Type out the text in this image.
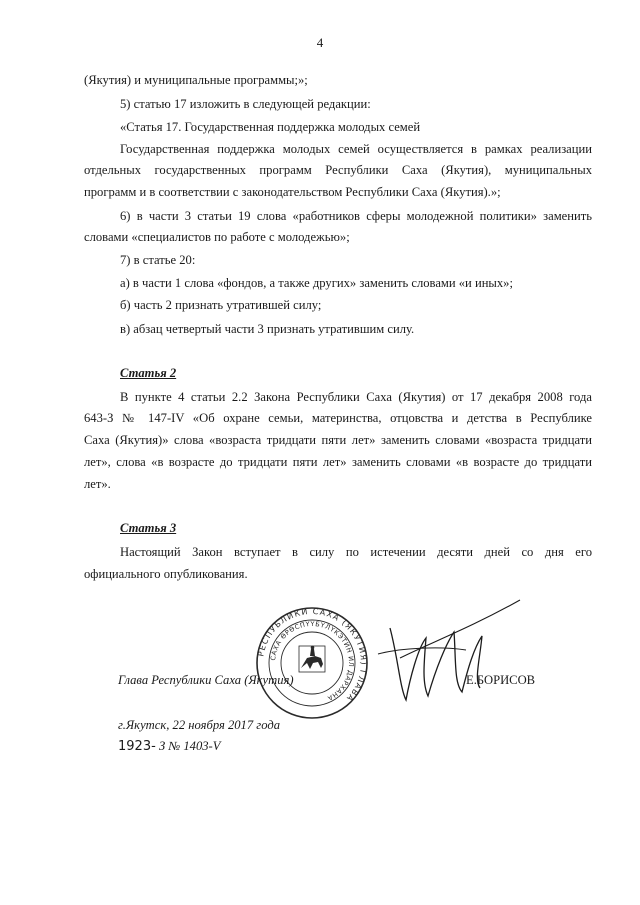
4
(Якутия) и муниципальные программы;»;
5) статью 17 изложить в следующей редакции:
«Статья 17. Государственная поддержка молодых семей
Государственная поддержка молодых семей осуществляется в рамках реализации
отдельных государственных программ Республики Саха (Якутия), муниципальных
программ и в соответствии с законодательством Республики Саха (Якутия).»;
6) в части 3 статьи 19 слова «работников сферы молодежной политики» заменить
словами «специалистов по работе с молодежью»;
7) в статье 20:
а) в части 1 слова «фондов, а также других» заменить словами «и иных»;
б) часть 2 признать утратившей силу;
в) абзац четвертый части 3 признать утратившим силу.
Статья 2
В пункте 4 статьи 2.2 Закона Республики Саха (Якутия) от 17 декабря 2008 года
643-З № 147-IV «Об охране семьи, материнства, отцовства и детства в Республике
Саха (Якутия)» слова «возраста тридцати пяти лет» заменить словами «возраста тридцати
лет», слова «в возрасте до тридцати пяти лет» заменить словами «в возрасте до тридцати
лет».
Статья 3
Настоящий Закон вступает в силу по истечении десяти дней со дня его
официального опубликования.
РЕСПУБЛИКИ САХА (ЯКУТИЯ) ГЛАВА
САХА ӨРӨСПҮҮБҮЛҮКЭТИН ИЛ ДАРХАНА
Глава Республики Саха (Якутия)	Е.БОРИСОВ
г.Якутск, 22 ноября 2017 года
1923- З № 1403-V
